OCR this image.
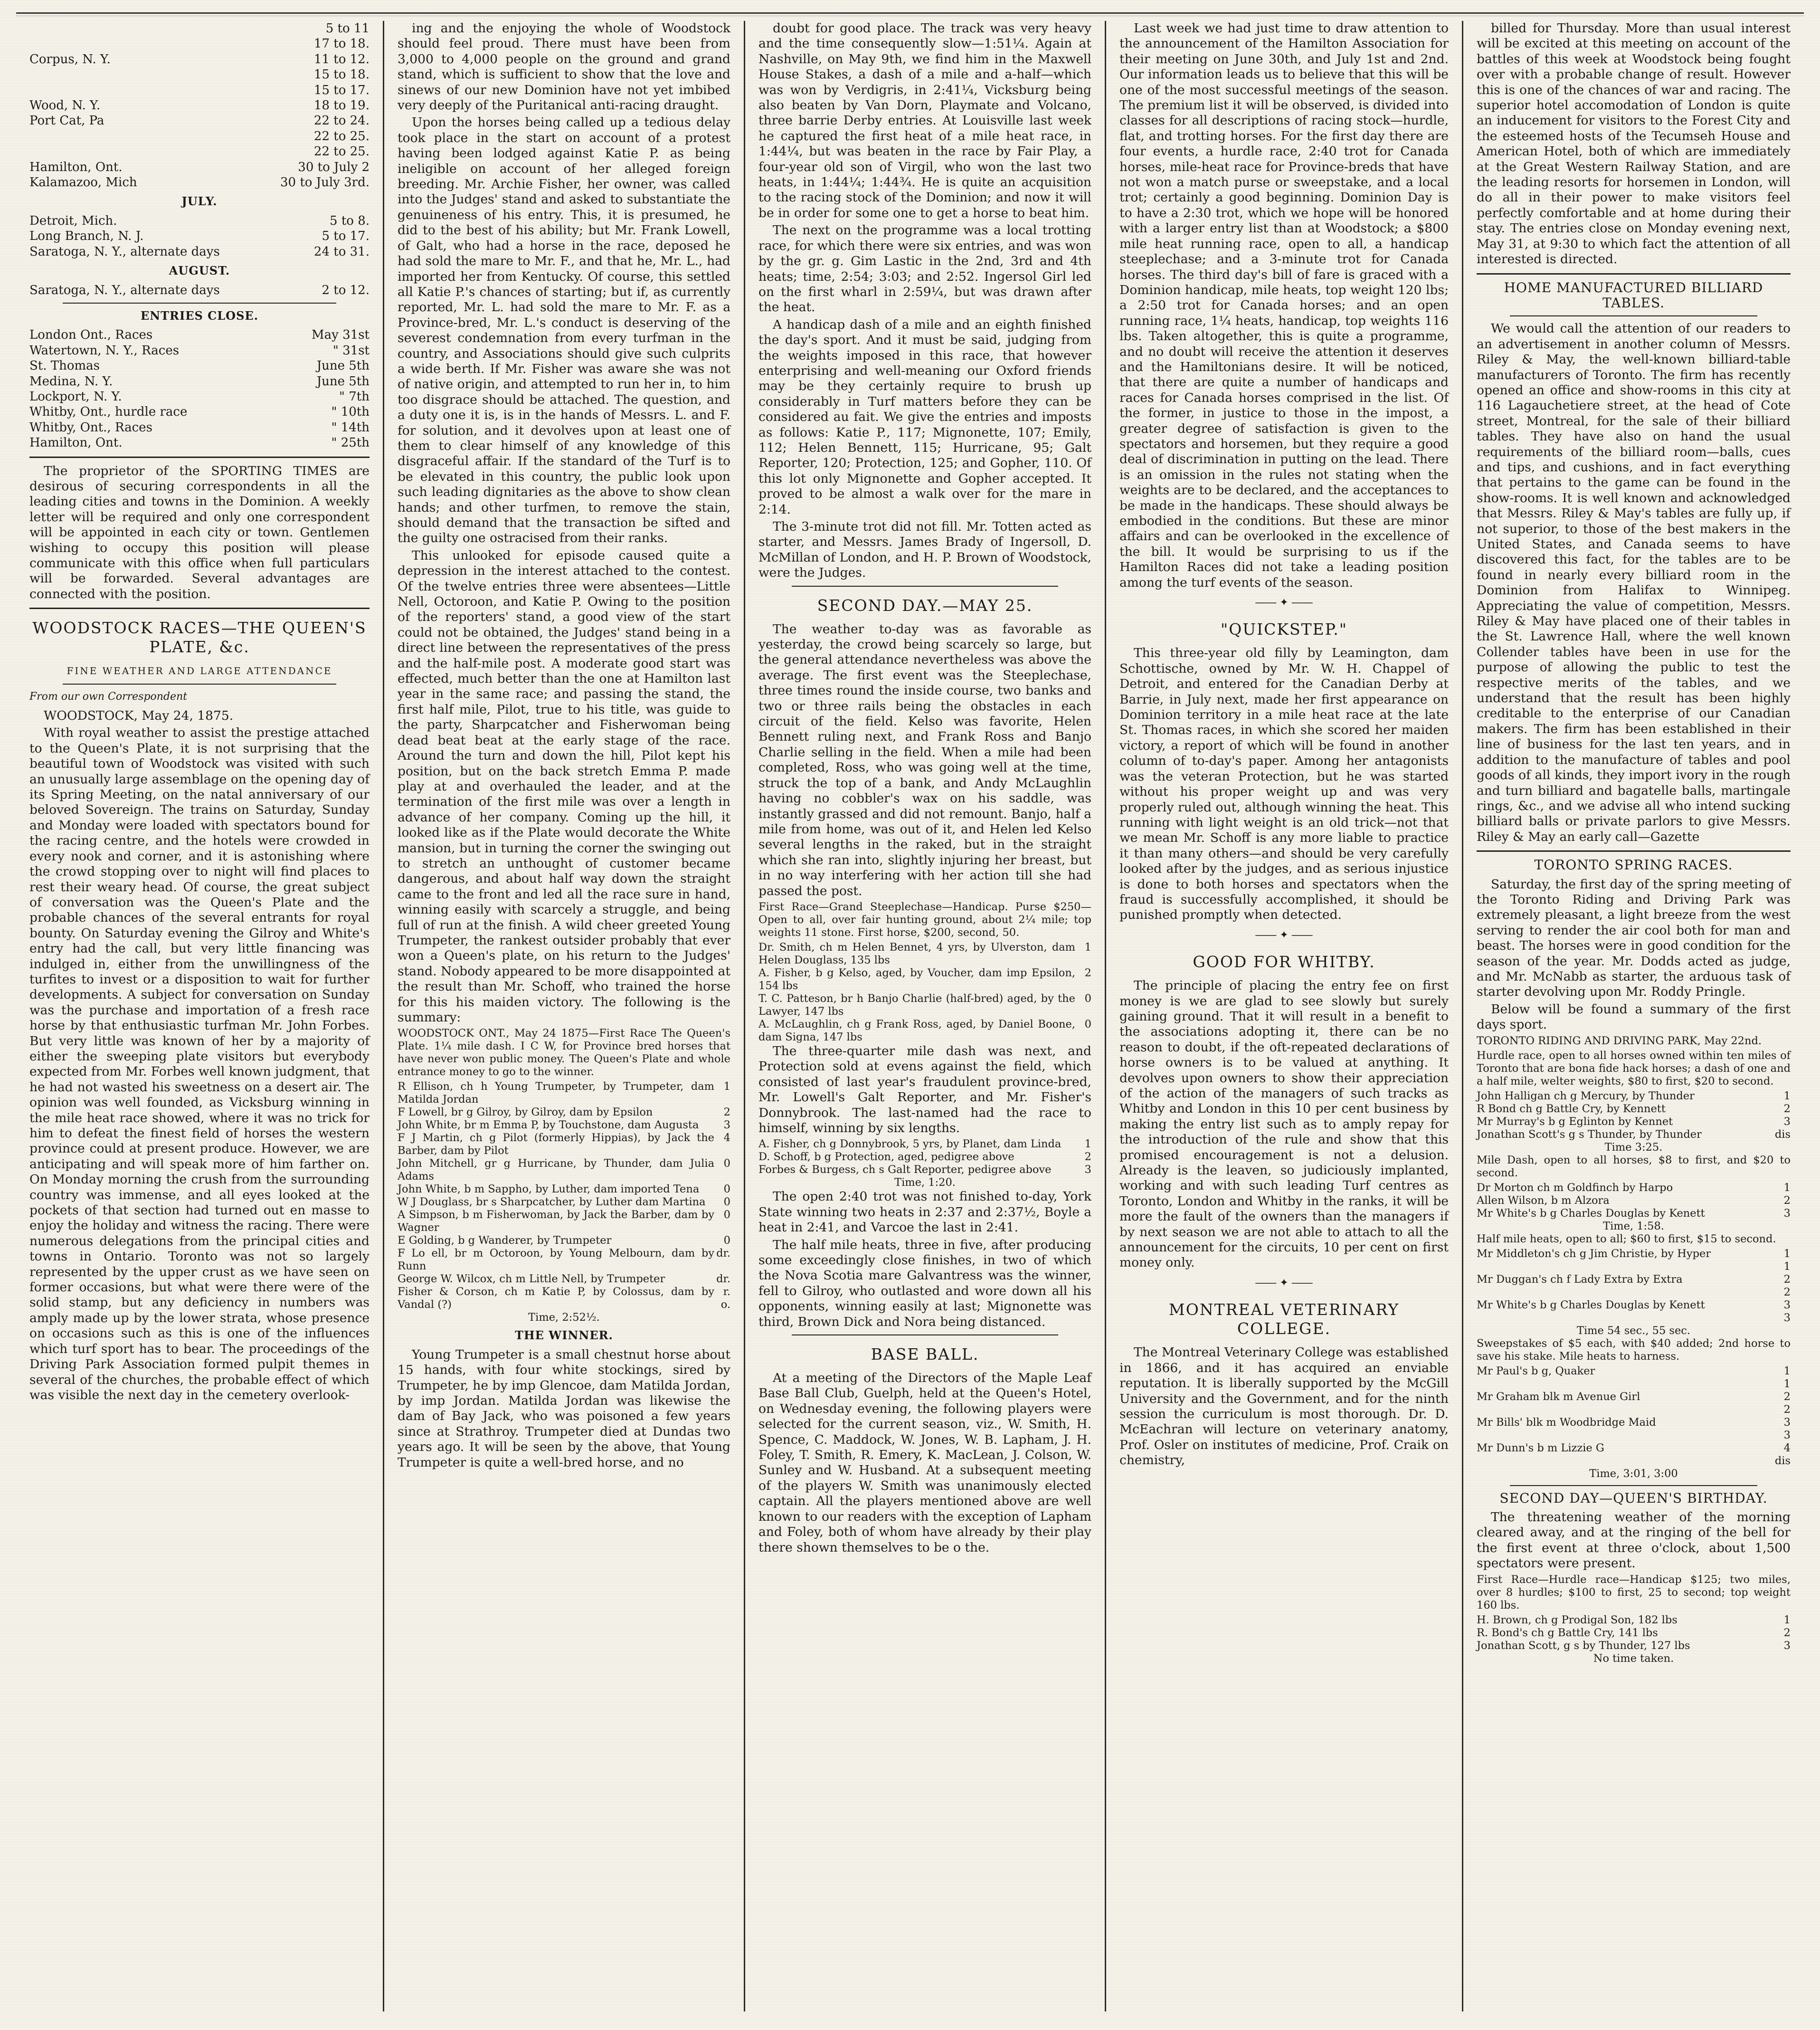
5 to 11
17 to 18.
Corpus, N. Y.	11 to 12.
15 to 18.
15 to 17.
Wood, N. Y.	18 to 19.
Port Cat, Pa	22 to 24.
22 to 25.
22 to 25.
Hamilton, Ont.	30 to July 2
Kalamazoo, Mich	30 to July 3rd.
JULY.
Detroit, Mich.	5 to 8.
Long Branch, N. J.	5 to 17.
Saratoga, N. Y., alternate days	24 to 31.
AUGUST.
Saratoga, N. Y., alternate days	2 to 12.
ENTRIES CLOSE.
London Ont., Races	May 31st
Watertown, N. Y., Races	" 31st
St. Thomas	June 5th
Medina, N. Y.	June 5th
Lockport, N. Y.	" 7th
Whitby, Ont., hurdle race	" 10th
Whitby, Ont., Races	" 14th
Hamilton, Ont.	" 25th

The proprietor of the SPORTING TIMES are desirous of securing correspondents in all the leading cities and towns in the Dominion. A weekly letter will be required and only one correspondent will be appointed in each city or town. Gentlemen wishing to occupy this position will please communicate with this office when full particulars will be forwarded. Several advantages are connected with the position.

WOODSTOCK RACES—THE QUEEN'S PLATE, &c.
FINE WEATHER AND LARGE ATTENDANCE
From our own Correspondent

WOODSTOCK, May 24, 1875.

With royal weather to assist the prestige attached to the Queen's Plate, it is not surprising that the beautiful town of Woodstock was visited with such an unusually large assemblage on the opening day of its Spring Meeting, on the natal anniversary of our beloved Sovereign. The trains on Saturday, Sunday and Monday were loaded with spectators bound for the racing centre, and the hotels were crowded in every nook and corner, and it is astonishing where the crowd stopping over to night will find places to rest their weary head. Of course, the great subject of conversation was the Queen's Plate and the probable chances of the several entrants for royal bounty. On Saturday evening the Gilroy and White's entry had the call, but very little financing was indulged in, either from the unwillingness of the turfites to invest or a disposition to wait for further developments. A subject for conversation on Sunday was the purchase and importation of a fresh race horse by that enthusiastic turfman Mr. John Forbes. But very little was known of her by a majority of either the sweeping plate visitors but everybody expected from Mr. Forbes well known judgment, that he had not wasted his sweetness on a desert air. The opinion was well founded, as Vicksburg winning in the mile heat race showed, where it was no trick for him to defeat the finest field of horses the western province could at present produce. However, we are anticipating and will speak more of him farther on. On Monday morning the crush from the surrounding country was immense, and all eyes looked at the pockets of that section had turned out en masse to enjoy the holiday and witness the racing. There were numerous delegations from the principal cities and towns in Ontario. Toronto was not so largely represented by the upper crust as we have seen on former occasions, but what were there were of the solid stamp, but any deficiency in numbers was amply made up by the lower strata, whose presence on occasions such as this is one of the influences which turf sport has to bear. The proceedings of the Driving Park Association formed pulpit themes in several of the churches, the probable effect of which was visible the next day in the cemetery overlook-

ing and the enjoying the whole of Woodstock should feel proud. There must have been from 3,000 to 4,000 people on the ground and grand stand, which is sufficient to show that the love and sinews of our new Dominion have not yet imbibed very deeply of the Puritanical anti-racing draught.

Upon the horses being called up a tedious delay took place in the start on account of a protest having been lodged against Katie P. as being ineligible on account of her alleged foreign breeding. Mr. Archie Fisher, her owner, was called into the Judges' stand and asked to substantiate the genuineness of his entry. This, it is presumed, he did to the best of his ability; but Mr. Frank Lowell, of Galt, who had a horse in the race, deposed he had sold the mare to Mr. F., and that he, Mr. L., had imported her from Kentucky. Of course, this settled all Katie P.'s chances of starting; but if, as currently reported, Mr. L. had sold the mare to Mr. F. as a Province-bred, Mr. L.'s conduct is deserving of the severest condemnation from every turfman in the country, and Associations should give such culprits a wide berth. If Mr. Fisher was aware she was not of native origin, and attempted to run her in, to him too disgrace should be attached. The question, and a duty one it is, is in the hands of Messrs. L. and F. for solution, and it devolves upon at least one of them to clear himself of any knowledge of this disgraceful affair. If the standard of the Turf is to be elevated in this country, the public look upon such leading dignitaries as the above to show clean hands; and other turfmen, to remove the stain, should demand that the transaction be sifted and the guilty one ostracised from their ranks.

This unlooked for episode caused quite a depression in the interest attached to the contest. Of the twelve entries three were absentees—Little Nell, Octoroon, and Katie P. Owing to the position of the reporters' stand, a good view of the start could not be obtained, the Judges' stand being in a direct line between the representatives of the press and the half-mile post. A moderate good start was effected, much better than the one at Hamilton last year in the same race; and passing the stand, the first half mile, Pilot, true to his title, was guide to the party, Sharpcatcher and Fisherwoman being dead beat beat at the early stage of the race. Around the turn and down the hill, Pilot kept his position, but on the back stretch Emma P. made play at and overhauled the leader, and at the termination of the first mile was over a length in advance of her company. Coming up the hill, it looked like as if the Plate would decorate the White mansion, but in turning the corner the swinging out to stretch an unthought of customer became dangerous, and about half way down the straight came to the front and led all the race sure in hand, winning easily with scarcely a struggle, and being full of run at the finish. A wild cheer greeted Young Trumpeter, the rankest outsider probably that ever won a Queen's plate, on his return to the Judges' stand. Nobody appeared to be more disappointed at the result than Mr. Schoff, who trained the horse for this his maiden victory. The following is the summary:

WOODSTOCK ONT., May 24 1875—First Race The Queen's Plate. 1¼ mile dash. I C W, for Province bred horses that have never won public money. The Queen's Plate and whole entrance money to go to the winner.

R Ellison, ch h Young Trumpeter, by Trumpeter, dam Matilda Jordan
1
F Lowell, br g Gilroy, by Gilroy, dam by Epsilon	2
John White, br m Emma P, by Touchstone, dam Augusta	3
F J Martin, ch g Pilot (formerly Hippias), by Jack the Barber, dam by Pilot
4
John Mitchell, gr g Hurricane, by Thunder, dam Julia Adams
0
John White, b m Sappho, by Luther, dam imported Tena	0
W J Douglass, br s Sharpcatcher, by Luther dam Martina	0
A Simpson, b m Fisherwoman, by Jack the Barber, dam by Wagner
0
E Golding, b g Wanderer, by Trumpeter	0
F Lo ell, br m Octoroon, by Young Melbourn, dam by Runn
dr.
George W. Wilcox, ch m Little Nell, by Trumpeter	dr.
Fisher & Corson, ch m Katie P, by Colossus, dam by Vandal (?)
r. o.
Time, 2:52½.
THE WINNER.

Young Trumpeter is a small chestnut horse about 15 hands, with four white stockings, sired by Trumpeter, he by imp Glencoe, dam Matilda Jordan, by imp Jordan. Matilda Jordan was likewise the dam of Bay Jack, who was poisoned a few years since at Strathroy. Trumpeter died at Dundas two years ago. It will be seen by the above, that Young Trumpeter is quite a well-bred horse, and no

doubt for good place. The track was very heavy and the time consequently slow—1:51¼. Again at Nashville, on May 9th, we find him in the Maxwell House Stakes, a dash of a mile and a-half—which was won by Verdigris, in 2:41¼, Vicksburg being also beaten by Van Dorn, Playmate and Volcano, three barrie Derby entries. At Louisville last week he captured the first heat of a mile heat race, in 1:44¼, but was beaten in the race by Fair Play, a four-year old son of Virgil, who won the last two heats, in 1:44¼; 1:44¾. He is quite an acquisition to the racing stock of the Dominion; and now it will be in order for some one to get a horse to beat him.

The next on the programme was a local trotting race, for which there were six entries, and was won by the gr. g. Gim Lastic in the 2nd, 3rd and 4th heats; time, 2:54; 3:03; and 2:52. Ingersol Girl led on the first wharl in 2:59¼, but was drawn after the heat.

A handicap dash of a mile and an eighth finished the day's sport. And it must be said, judging from the weights imposed in this race, that however enterprising and well-meaning our Oxford friends may be they certainly require to brush up considerably in Turf matters before they can be considered au fait. We give the entries and imposts as follows: Katie P., 117; Mignonette, 107; Emily, 112; Helen Bennett, 115; Hurricane, 95; Galt Reporter, 120; Protection, 125; and Gopher, 110. Of this lot only Mignonette and Gopher accepted. It proved to be almost a walk over for the mare in 2:14.

The 3-minute trot did not fill. Mr. Totten acted as starter, and Messrs. James Brady of Ingersoll, D. McMillan of London, and H. P. Brown of Woodstock, were the Judges.

SECOND DAY.—MAY 25.

The weather to-day was as favorable as yesterday, the crowd being scarcely so large, but the general attendance nevertheless was above the average. The first event was the Steeplechase, three times round the inside course, two banks and two or three rails being the obstacles in each circuit of the field. Kelso was favorite, Helen Bennett ruling next, and Frank Ross and Banjo Charlie selling in the field. When a mile had been completed, Ross, who was going well at the time, struck the top of a bank, and Andy McLaughlin having no cobbler's wax on his saddle, was instantly grassed and did not remount. Banjo, half a mile from home, was out of it, and Helen led Kelso several lengths in the raked, but in the straight which she ran into, slightly injuring her breast, but in no way interfering with her action till she had passed the post.

First Race—Grand Steeplechase—Handicap. Purse $250—Open to all, over fair hunting ground, about 2¼ mile; top weights 11 stone. First horse, $200, second, 50.

Dr. Smith, ch m Helen Bennet, 4 yrs, by Ulverston, dam Helen Douglass, 135 lbs
1
A. Fisher, b g Kelso, aged, by Voucher, dam imp Epsilon, 154 lbs
2
T. C. Patteson, br h Banjo Charlie (half-bred) aged, by the Lawyer, 147 lbs
0
A. McLaughlin, ch g Frank Ross, aged, by Daniel Boone, dam Signa, 147 lbs
0

The three-quarter mile dash was next, and Protection sold at evens against the field, which consisted of last year's fraudulent province-bred, Mr. Lowell's Galt Reporter, and Mr. Fisher's Donnybrook. The last-named had the race to himself, winning by six lengths.

A. Fisher, ch g Donnybrook, 5 yrs, by Planet, dam Linda	1
D. Schoff, b g Protection, aged, pedigree above	2
Forbes & Burgess, ch s Galt Reporter, pedigree above	3
Time, 1:20.

The open 2:40 trot was not finished to-day, York State winning two heats in 2:37 and 2:37½, Boyle a heat in 2:41, and Varcoe the last in 2:41.

The half mile heats, three in five, after producing some exceedingly close finishes, in two of which the Nova Scotia mare Galvantress was the winner, fell to Gilroy, who outlasted and wore down all his opponents, winning easily at last; Mignonette was third, Brown Dick and Nora being distanced.

BASE BALL.

At a meeting of the Directors of the Maple Leaf Base Ball Club, Guelph, held at the Queen's Hotel, on Wednesday evening, the following players were selected for the current season, viz., W. Smith, H. Spence, C. Maddock, W. Jones, W. B. Lapham, J. H. Foley, T. Smith, R. Emery, K. MacLean, J. Colson, W. Sunley and W. Husband. At a subsequent meeting of the players W. Smith was unanimously elected captain. All the players mentioned above are well known to our readers with the exception of Lapham and Foley, both of whom have already by their play there shown themselves to be o the.

Last week we had just time to draw attention to the announcement of the Hamilton Association for their meeting on June 30th, and July 1st and 2nd. Our information leads us to believe that this will be one of the most successful meetings of the season. The premium list it will be observed, is divided into classes for all descriptions of racing stock—hurdle, flat, and trotting horses. For the first day there are four events, a hurdle race, 2:40 trot for Canada horses, mile-heat race for Province-breds that have not won a match purse or sweepstake, and a local trot; certainly a good beginning. Dominion Day is to have a 2:30 trot, which we hope will be honored with a larger entry list than at Woodstock; a $800 mile heat running race, open to all, a handicap steeplechase; and a 3-minute trot for Canada horses. The third day's bill of fare is graced with a Dominion handicap, mile heats, top weight 120 lbs; a 2:50 trot for Canada horses; and an open running race, 1¼ heats, handicap, top weights 116 lbs. Taken altogether, this is quite a programme, and no doubt will receive the attention it deserves and the Hamiltonians desire. It will be noticed, that there are quite a number of handicaps and races for Canada horses comprised in the list. Of the former, in justice to those in the impost, a greater degree of satisfaction is given to the spectators and horsemen, but they require a good deal of discrimination in putting on the lead. There is an omission in the rules not stating when the weights are to be declared, and the acceptances to be made in the handicaps. These should always be embodied in the conditions. But these are minor affairs and can be overlooked in the excellence of the bill. It would be surprising to us if the Hamilton Races did not take a leading position among the turf events of the season.

―― ✦ ――
"QUICKSTEP."

This three-year old filly by Leamington, dam Schottische, owned by Mr. W. H. Chappel of Detroit, and entered for the Canadian Derby at Barrie, in July next, made her first appearance on Dominion territory in a mile heat race at the late St. Thomas races, in which she scored her maiden victory, a report of which will be found in another column of to-day's paper. Among her antagonists was the veteran Protection, but he was started without his proper weight up and was very properly ruled out, although winning the heat. This running with light weight is an old trick—not that we mean Mr. Schoff is any more liable to practice it than many others—and should be very carefully looked after by the judges, and as serious injustice is done to both horses and spectators when the fraud is successfully accomplished, it should be punished promptly when detected.

―― ✦ ――
GOOD FOR WHITBY.

The principle of placing the entry fee on first money is we are glad to see slowly but surely gaining ground. That it will result in a benefit to the associations adopting it, there can be no reason to doubt, if the oft-repeated declarations of horse owners is to be valued at anything. It devolves upon owners to show their appreciation of the action of the managers of such tracks as Whitby and London in this 10 per cent business by making the entry list such as to amply repay for the introduction of the rule and show that this promised encouragement is not a delusion. Already is the leaven, so judiciously implanted, working and with such leading Turf centres as Toronto, London and Whitby in the ranks, it will be more the fault of the owners than the managers if by next season we are not able to attach to all the announcement for the circuits, 10 per cent on first money only.

―― ✦ ――
MONTREAL VETERINARY COLLEGE.

The Montreal Veterinary College was established in 1866, and it has acquired an enviable reputation. It is liberally supported by the McGill University and the Government, and for the ninth session the curriculum is most thorough. Dr. D. McEachran will lecture on veterinary anatomy, Prof. Osler on institutes of medicine, Prof. Craik on chemistry,

billed for Thursday. More than usual interest will be excited at this meeting on account of the battles of this week at Woodstock being fought over with a probable change of result. However this is one of the chances of war and racing. The superior hotel accomodation of London is quite an inducement for visitors to the Forest City and the esteemed hosts of the Tecumseh House and American Hotel, both of which are immediately at the Great Western Railway Station, and are the leading resorts for horsemen in London, will do all in their power to make visitors feel perfectly comfortable and at home during their stay. The entries close on Monday evening next, May 31, at 9:30 to which fact the attention of all interested is directed.

HOME MANUFACTURED BILLIARD TABLES.

We would call the attention of our readers to an advertisement in another column of Messrs. Riley & May, the well-known billiard-table manufacturers of Toronto. The firm has recently opened an office and show-rooms in this city at 116 Lagauchetiere street, at the head of Cote street, Montreal, for the sale of their billiard tables. They have also on hand the usual requirements of the billiard room—balls, cues and tips, and cushions, and in fact everything that pertains to the game can be found in the show-rooms. It is well known and acknowledged that Messrs. Riley & May's tables are fully up, if not superior, to those of the best makers in the United States, and Canada seems to have discovered this fact, for the tables are to be found in nearly every billiard room in the Dominion from Halifax to Winnipeg. Appreciating the value of competition, Messrs. Riley & May have placed one of their tables in the St. Lawrence Hall, where the well known Collender tables have been in use for the purpose of allowing the public to test the respective merits of the tables, and we understand that the result has been highly creditable to the enterprise of our Canadian makers. The firm has been established in their line of business for the last ten years, and in addition to the manufacture of tables and pool goods of all kinds, they import ivory in the rough and turn billiard and bagatelle balls, martingale rings, &c., and we advise all who intend sucking billiard balls or private parlors to give Messrs. Riley & May an early call—Gazette

TORONTO SPRING RACES.

Saturday, the first day of the spring meeting of the Toronto Riding and Driving Park was extremely pleasant, a light breeze from the west serving to render the air cool both for man and beast. The horses were in good condition for the season of the year. Mr. Dodds acted as judge, and Mr. McNabb as starter, the arduous task of starter devolving upon Mr. Roddy Pringle.

Below will be found a summary of the first days sport.

TORONTO RIDING AND DRIVING PARK, May 22nd.

Hurdle race, open to all horses owned within ten miles of Toronto that are bona fide hack horses; a dash of one and a half mile, welter weights, $80 to first, $20 to second.

John Halligan ch g Mercury, by Thunder	1
R Bond ch g Battle Cry, by Kennett	2
Mr Murray's b g Eglinton by Kennet	3
Jonathan Scott's g s Thunder, by Thunder	dis
Time 3:25.

Mile Dash, open to all horses, $8 to first, and $20 to second.

Dr Morton ch m Goldfinch by Harpo	1
Allen Wilson, b m Alzora	2
Mr White's b g Charles Douglas by Kenett	3
Time, 1:58.

Half mile heats, open to all; $60 to first, $15 to second.

Mr Middleton's ch g Jim Christie, by Hyper	1 1
Mr Duggan's ch f Lady Extra by Extra	2 2
Mr White's b g Charles Douglas by Kenett	3 3
Time 54 sec., 55 sec.

Sweepstakes of $5 each, with $40 added; 2nd horse to save his stake. Mile heats to harness.

Mr Paul's b g, Quaker	1 1
Mr Graham blk m Avenue Girl	2 2
Mr Bills' blk m Woodbridge Maid	3 3
Mr Dunn's b m Lizzie G	4 dis
Time, 3:01, 3:00
SECOND DAY—QUEEN'S BIRTHDAY.

The threatening weather of the morning cleared away, and at the ringing of the bell for the first event at three o'clock, about 1,500 spectators were present.

First Race—Hurdle race—Handicap $125; two miles, over 8 hurdles; $100 to first, 25 to second; top weight 160 lbs.

H. Brown, ch g Prodigal Son, 182 lbs	1
R. Bond's ch g Battle Cry, 141 lbs	2
Jonathan Scott, g s by Thunder, 127 lbs	3
No time taken.
